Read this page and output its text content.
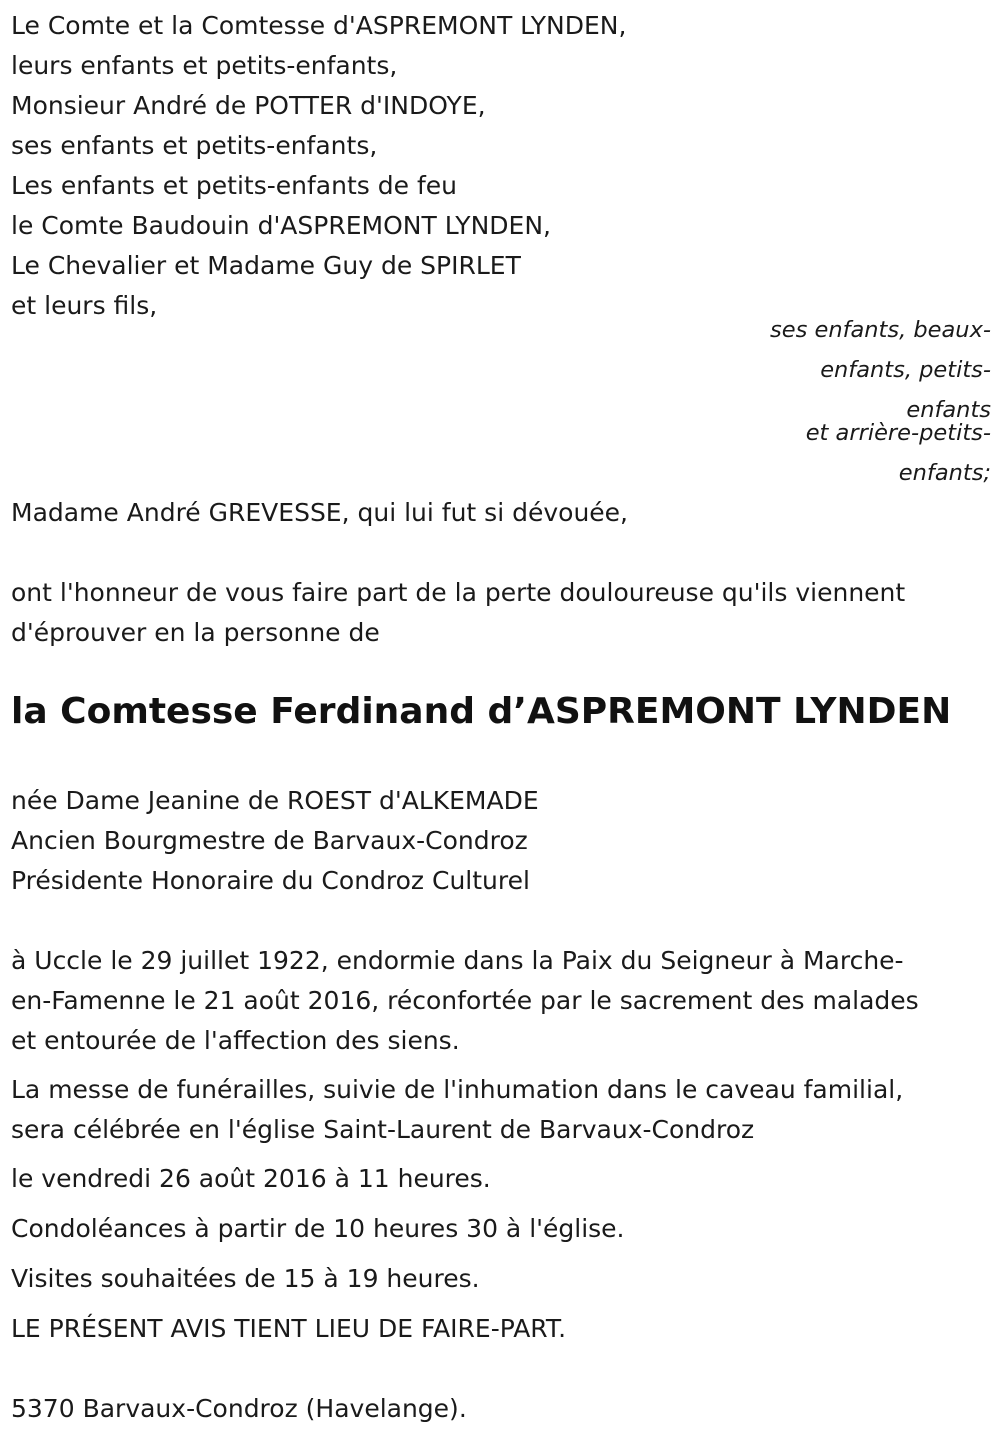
Le Comte et la Comtesse d'ASPREMONT LYNDEN,
leurs enfants et petits-enfants,
Monsieur André de POTTER d'INDOYE,
ses enfants et petits-enfants,
Les enfants et petits-enfants de feu
le Comte Baudouin d'ASPREMONT LYNDEN,
Le Chevalier et Madame Guy de SPIRLET
et leurs fils,
ses enfants, beaux-
enfants, petits-
enfants
et arrière-petits-
enfants;
Madame André GREVESSE, qui lui fut si dévouée,
ont l'honneur de vous faire part de la perte douloureuse qu'ils viennent
d'éprouver en la personne de
la Comtesse Ferdinand d’ASPREMONT LYNDEN
née Dame Jeanine de ROEST d'ALKEMADE
Ancien Bourgmestre de Barvaux-Condroz
Présidente Honoraire du Condroz Culturel
à Uccle le 29 juillet 1922, endormie dans la Paix du Seigneur à Marche-
en-Famenne le 21 août 2016, réconfortée par le sacrement des malades
et entourée de l'affection des siens.
La messe de funérailles, suivie de l'inhumation dans le caveau familial,
sera célébrée en l'église Saint-Laurent de Barvaux-Condroz
le vendredi 26 août 2016 à 11 heures.
Condoléances à partir de 10 heures 30 à l'église.
Visites souhaitées de 15 à 19 heures.
LE PRÉSENT AVIS TIENT LIEU DE FAIRE-PART.
5370 Barvaux-Condroz (Havelange).
